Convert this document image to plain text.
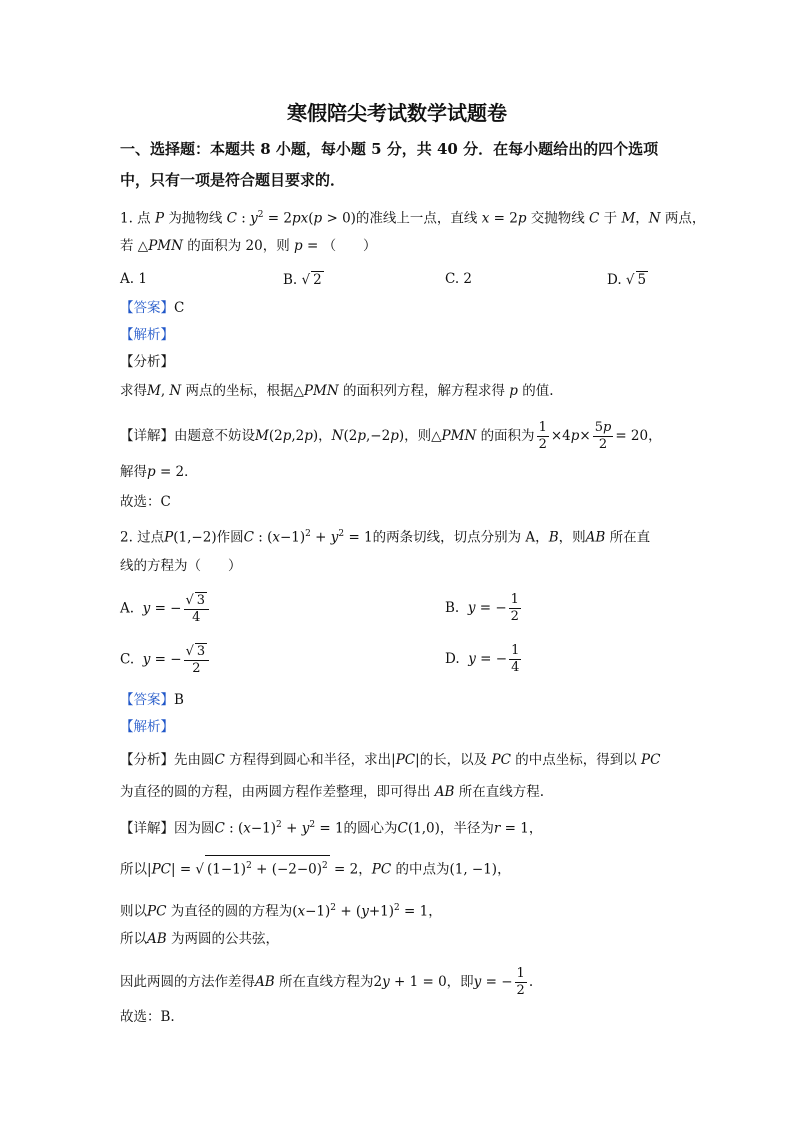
寒假陪尖考试数学试题卷
一、选择题：本题共 8 小题，每小题 5 分，共 40 分．在每小题给出的四个选项
中，只有一项是符合题目要求的．
1. 点 P 为抛物线 C : $y^2 = 2px(p > 0)$的准线上一点，直线 x = 2p 交抛物线 C 于 M，N 两点，
若 △PMN 的面积为 20，则 p = （　　）
A. 1	B. √ 2	C. 2	D. √ 5
【答案】C
【解析】
【分析】
求得M, N 两点的坐标，根据△PMN 的面积列方程，解方程求得 p 的值.
【详解】由题意不妨设M(2p,2p)，N(2p,−2p)，则△PMN 的面积为 $\frac{1}{2} \times 4p\times \frac{5p}{2} = 20$，
解得p = 2．
故选：C
2. 过点P(1,−2)作圆C : $(x-1)^2 + y^2 = 1$的两条切线，切点分别为 A，B，则AB 所在直
线的方程为（　　）
A. y = − $\frac{√ 3}{4}$	B. y = − $\frac{1}{2}$
C. y = − $\frac{√ 3}{2}$	D. y = − $\frac{1}{4}$
【答案】B
【解析】
【分析】先由圆C 方程得到圆心和半径，求出|PC|的长，以及 PC 的中点坐标，得到以 PC
为直径的圆的方程，由两圆方程作差整理，即可得出 AB 所在直线方程.
【详解】因为圆C : $(x-1)^2 + y^2 = 1$的圆心为C(1,0)，半径为r = 1，
所以|PC| = √ $(1-1)^2 + (-2-0)^2 = 2$，PC 的中点为(1, −1)，
则以PC 为直径的圆的方程为$(x-1)^2 + (y+1)^2 = 1$，
所以AB 为两圆的公共弦，
因此两圆的方法作差得AB 所在直线方程为2y + 1 = 0，即y = − $\frac{1}{2}$ .
故选：B.
